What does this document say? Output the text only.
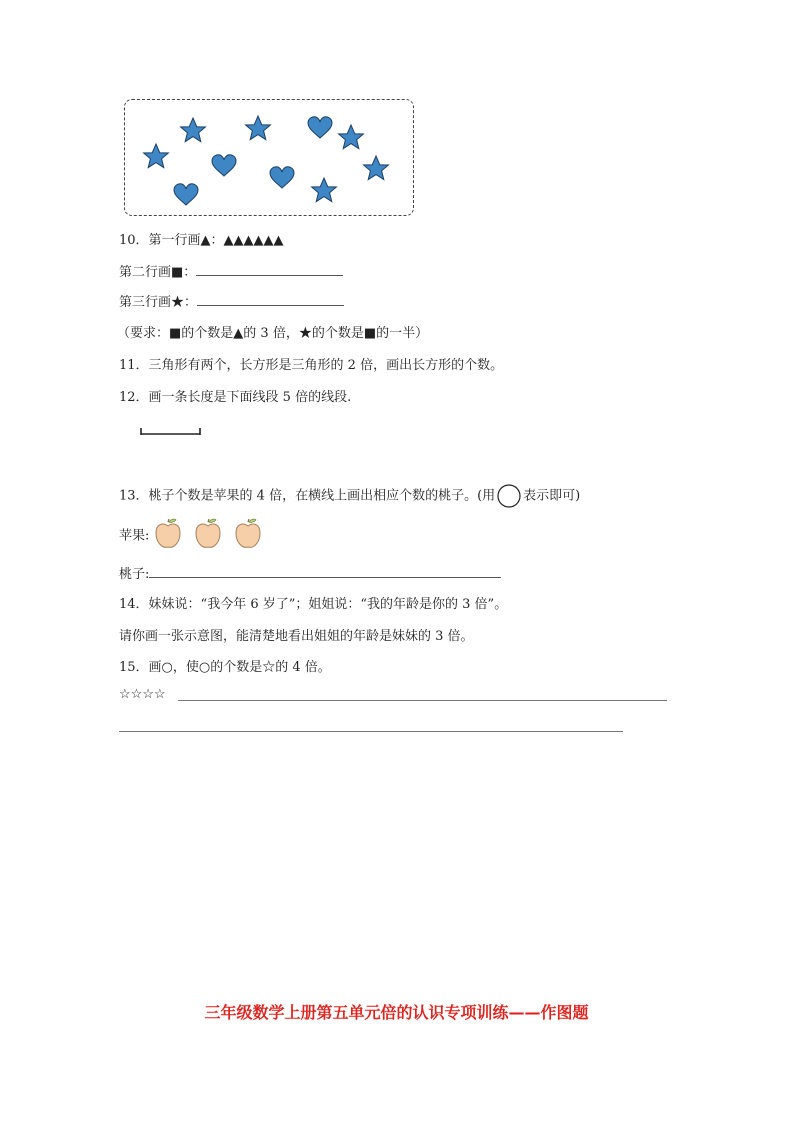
10．第一行画▲：▲▲▲▲▲▲
第二行画■：
第三行画★：
（要求：■的个数是▲的 3 倍，★的个数是■的一半）
11．三角形有两个，长方形是三角形的 2 倍，画出长方形的个数。
12．画一条长度是下面线段 5 倍的线段.
13．桃子个数是苹果的 4 倍，在横线上画出相应个数的桃子。(用 表示即可)
苹果:
桃子:
14．妹妹说：“我今年 6 岁了”；姐姐说：“我的年龄是你的 3 倍”。
请你画一张示意图，能清楚地看出姐姐的年龄是妹妹的 3 倍。
15．画○，使○的个数是☆的 4 倍。
☆☆☆☆
三年级数学上册第五单元倍的认识专项训练——作图题
